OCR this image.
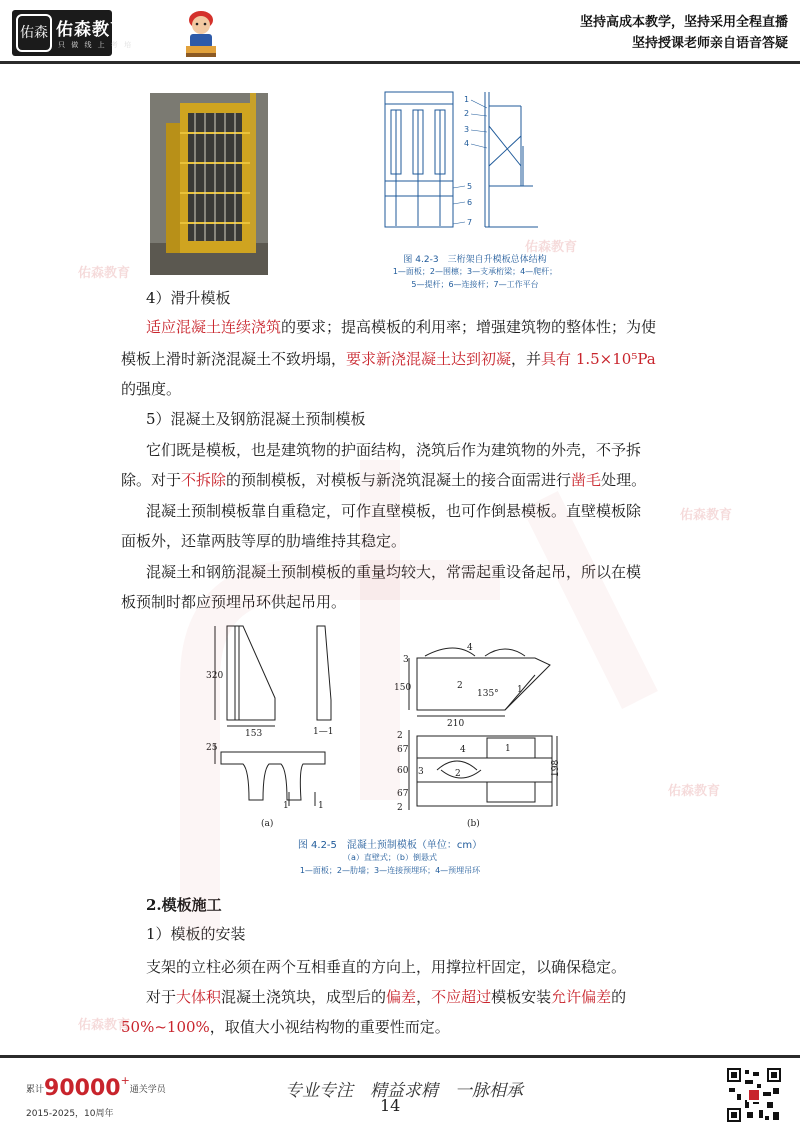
佑森 佑森教育
只 做 线 上 考 培
坚持高成本教学，坚持采用全程直播
坚持授课老师亲自语音答疑
1
2
3
4
5
6
7
图 4.2-3　三桁架自升模板总体结构
1—面板；2—围檩；3—支承桁梁；4—爬杆；
5—提杆；6—连接杆；7—工作平台
4）滑升模板
适应混凝土连续浇筑的要求；提高模板的利用率；增强建筑物的整体性；为使
模板上滑时新浇混凝土不致坍塌，要求新浇混凝土达到初凝，并具有 1.5×10⁵Pa
的强度。
5）混凝土及钢筋混凝土预制模板
它们既是模板，也是建筑物的护面结构，浇筑后作为建筑物的外壳，不予拆
除。对于不拆除的预制模板，对模板与新浇筑混凝土的接合面需进行凿毛处理。
混凝土预制模板靠自重稳定，可作直壁模板，也可作倒悬模板。直壁模板除
面板外，还靠两肢等厚的肋墙维持其稳定。
混凝土和钢筋混凝土预制模板的重量均较大，常需起重设备起吊，所以在模
板预制时都应预埋吊环供起吊用。
320
153
25
1—1
1	1
(a)
3
4
150	2
135° 1
210
2
67
60
67
3
2
4
2
1
198
(b)
图 4.2-5　混凝土预制模板（单位：cm）
（a）直壁式；（b）倒悬式
1—面板；2—肋墙；3—连接预埋环；4—预埋吊环
2.模板施工
1）模板的安装
支架的立柱必须在两个互相垂直的方向上，用撑拉杆固定，以确保稳定。
对于大体积混凝土浇筑块，成型后的偏差，不应超过模板安装允许偏差的
50%~100%，取值大小视结构物的重要性而定。
佑森教育
佑森教育
佑森教育
佑森教育
佑森教育
累计90000+通关学员
2015-2025，10周年
专业专注　精益求精　一脉相承
14
